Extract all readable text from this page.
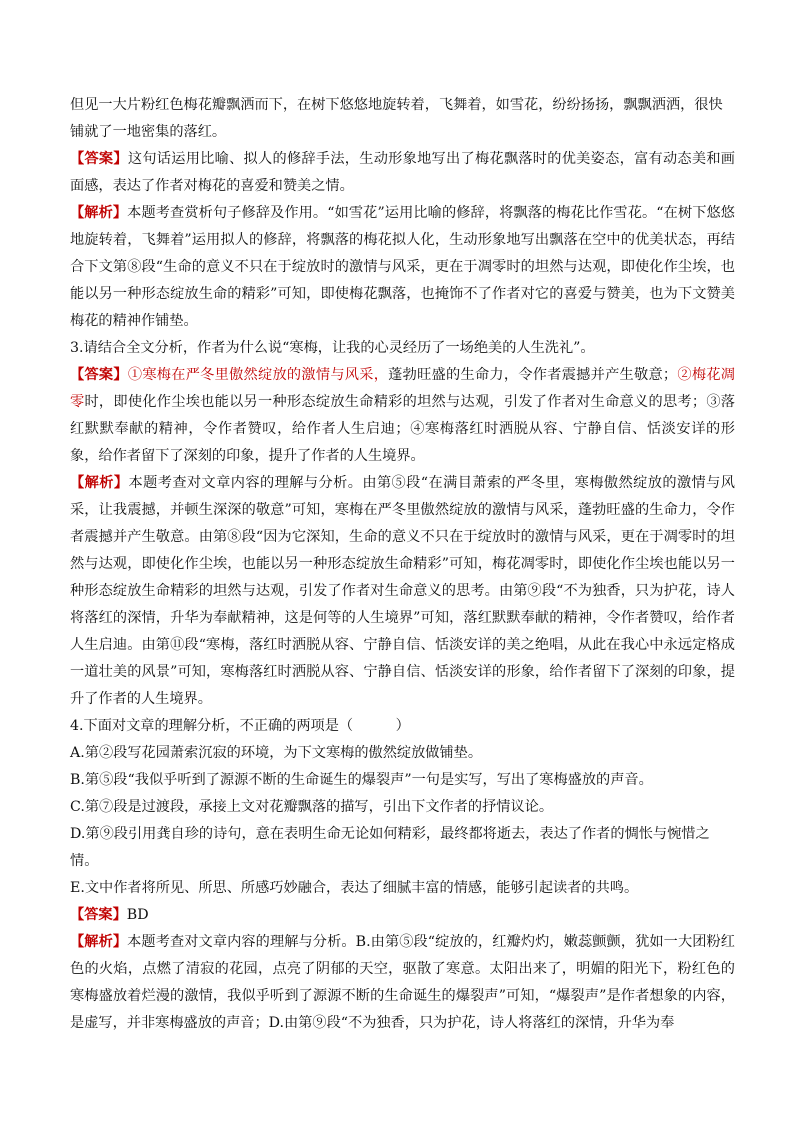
但见一大片粉红色梅花瓣飘洒而下，在树下悠悠地旋转着，飞舞着，如雪花，纷纷扬扬，飘飘洒洒，很快
铺就了一地密集的落红。

【答案】这句话运用比喻、拟人的修辞手法，生动形象地写出了梅花飘落时的优美姿态，富有动态美和画面感，表达了作者对梅花的喜爱和赞美之情。

【解析】本题考查赏析句子修辞及作用。“如雪花”运用比喻的修辞，将飘落的梅花比作雪花。“在树下悠悠地旋转着，飞舞着”运用拟人的修辞，将飘落的梅花拟人化，生动形象地写出飘落在空中的优美状态，再结合下文第⑧段“生命的意义不只在于绽放时的激情与风采，更在于凋零时的坦然与达观，即使化作尘埃，也能以另一种形态绽放生命的精彩”可知，即使梅花飘落，也掩饰不了作者对它的喜爱与赞美，也为下文赞美梅花的精神作铺垫。

3.请结合全文分析，作者为什么说“寒梅，让我的心灵经历了一场绝美的人生洗礼”。

【答案】①寒梅在严冬里傲然绽放的激情与风采，蓬勃旺盛的生命力，令作者震撼并产生敬意；②梅花凋零时，即使化作尘埃也能以另一种形态绽放生命精彩的坦然与达观，引发了作者对生命意义的思考；③落红默默奉献的精神，令作者赞叹，给作者人生启迪；④寒梅落红时洒脱从容、宁静自信、恬淡安详的形象，给作者留下了深刻的印象，提升了作者的人生境界。

【解析】本题考查对文章内容的理解与分析。由第⑤段“在满目萧索的严冬里，寒梅傲然绽放的激情与风采，让我震撼，并顿生深深的敬意”可知，寒梅在严冬里傲然绽放的激情与风采，蓬勃旺盛的生命力，令作者震撼并产生敬意。由第⑧段“因为它深知，生命的意义不只在于绽放时的激情与风采，更在于凋零时的坦然与达观，即使化作尘埃，也能以另一种形态绽放生命精彩”可知，梅花凋零时，即使化作尘埃也能以另一种形态绽放生命精彩的坦然与达观，引发了作者对生命意义的思考。由第⑨段“不为独香，只为护花，诗人将落红的深情，升华为奉献精神，这是何等的人生境界”可知，落红默默奉献的精神，令作者赞叹，给作者人生启迪。由第⑪段“寒梅，落红时洒脱从容、宁静自信、恬淡安详的美之绝唱，从此在我心中永远定格成一道壮美的风景”可知，寒梅落红时洒脱从容、宁静自信、恬淡安详的形象，给作者留下了深刻的印象，提升了作者的人生境界。

4.下面对文章的理解分析，不正确的两项是（　　　）

A.第②段写花园萧索沉寂的环境，为下文寒梅的傲然绽放做铺垫。

B.第⑤段“我似乎听到了源源不断的生命诞生的爆裂声”一句是实写，写出了寒梅盛放的声音。

C.第⑦段是过渡段，承接上文对花瓣飘落的描写，引出下文作者的抒情议论。

D.第⑨段引用龚自珍的诗句，意在表明生命无论如何精彩，最终都将逝去，表达了作者的惆怅与惋惜之情。

E.文中作者将所见、所思、所感巧妙融合，表达了细腻丰富的情感，能够引起读者的共鸣。

【答案】BD

【解析】本题考查对文章内容的理解与分析。B.由第⑤段“绽放的，红瓣灼灼，嫩蕊颤颤，犹如一大团粉红色的火焰，点燃了清寂的花园，点亮了阴郁的天空，驱散了寒意。太阳出来了，明媚的阳光下，粉红色的寒梅盛放着烂漫的激情，我似乎听到了源源不断的生命诞生的爆裂声”可知，“爆裂声”是作者想象的内容，是虚写，并非寒梅盛放的声音；D.由第⑨段“不为独香，只为护花，诗人将落红的深情，升华为奉
